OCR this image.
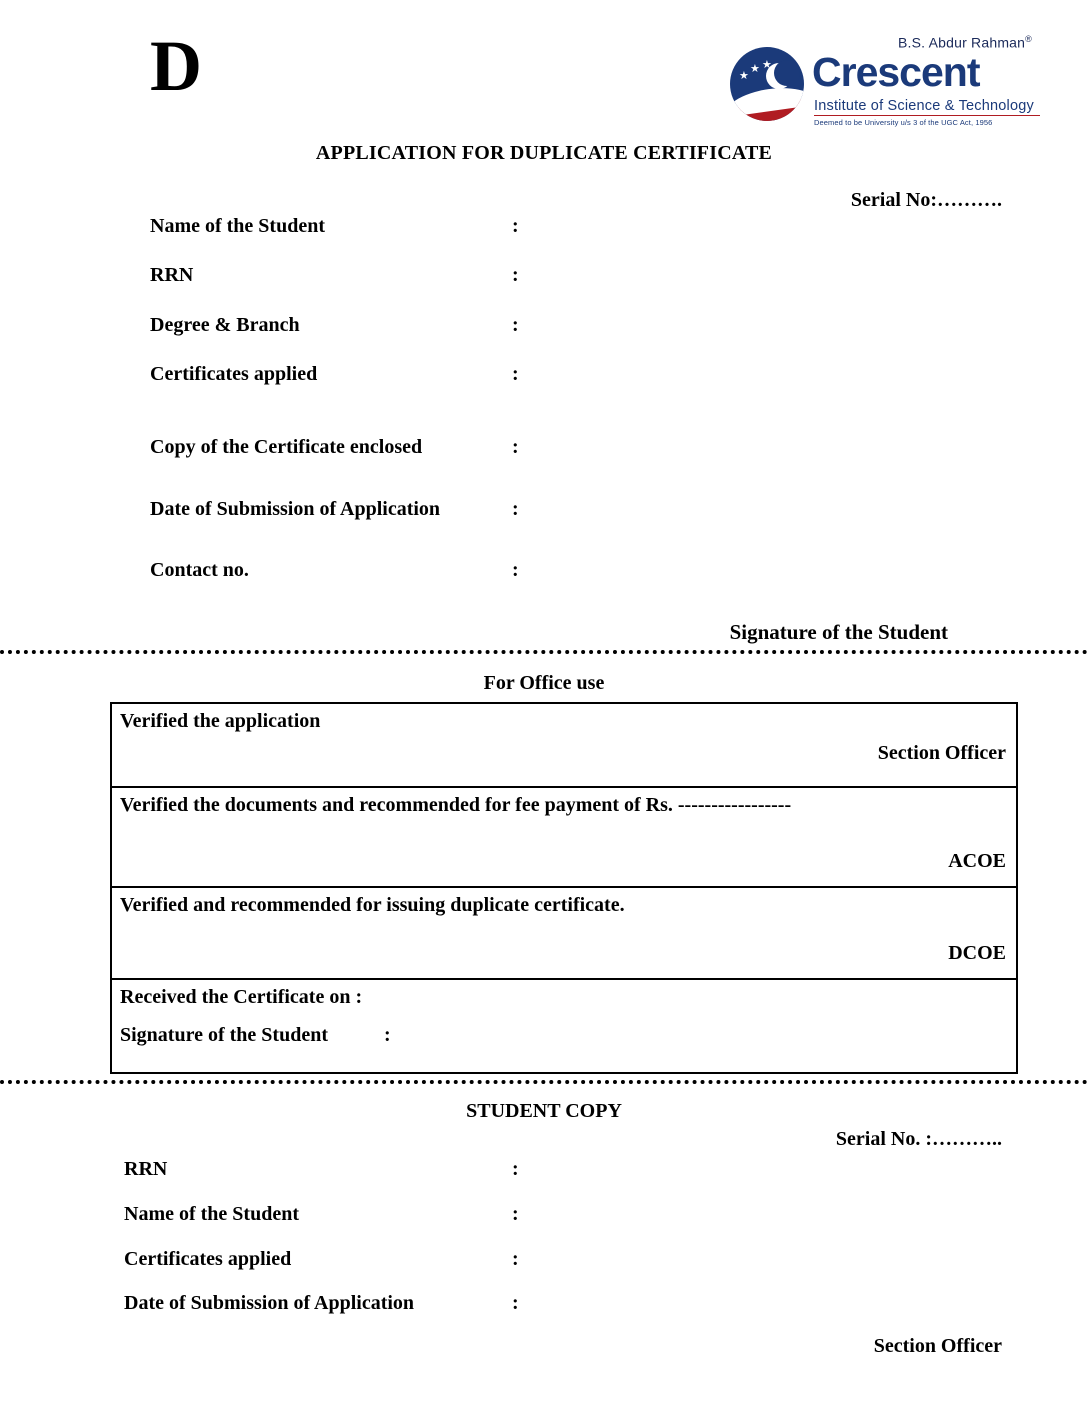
D	B.S. Abdur Rahman®
★
★ ★ Crescent
Institute of Science & Technology
Deemed to be University u/s 3 of the UGC Act, 1956
APPLICATION FOR DUPLICATE CERTIFICATE
Serial No:……….
Name of the Student	:
RRN	:
Degree & Branch	:
Certificates applied	:
Copy of the Certificate enclosed	:
Date of Submission of Application	:
Contact no.	:
Signature of the Student
For Office use
Verified the application
Section Officer
Verified the documents and recommended for fee payment of Rs. -----------------
ACOE
Verified and recommended for issuing duplicate certificate.
DCOE
Received the Certificate on :
Signature of the Student	:
STUDENT COPY
Serial No. :………..
RRN	:
Name of the Student	:
Certificates applied	:
Date of Submission of Application	:
Section Officer
